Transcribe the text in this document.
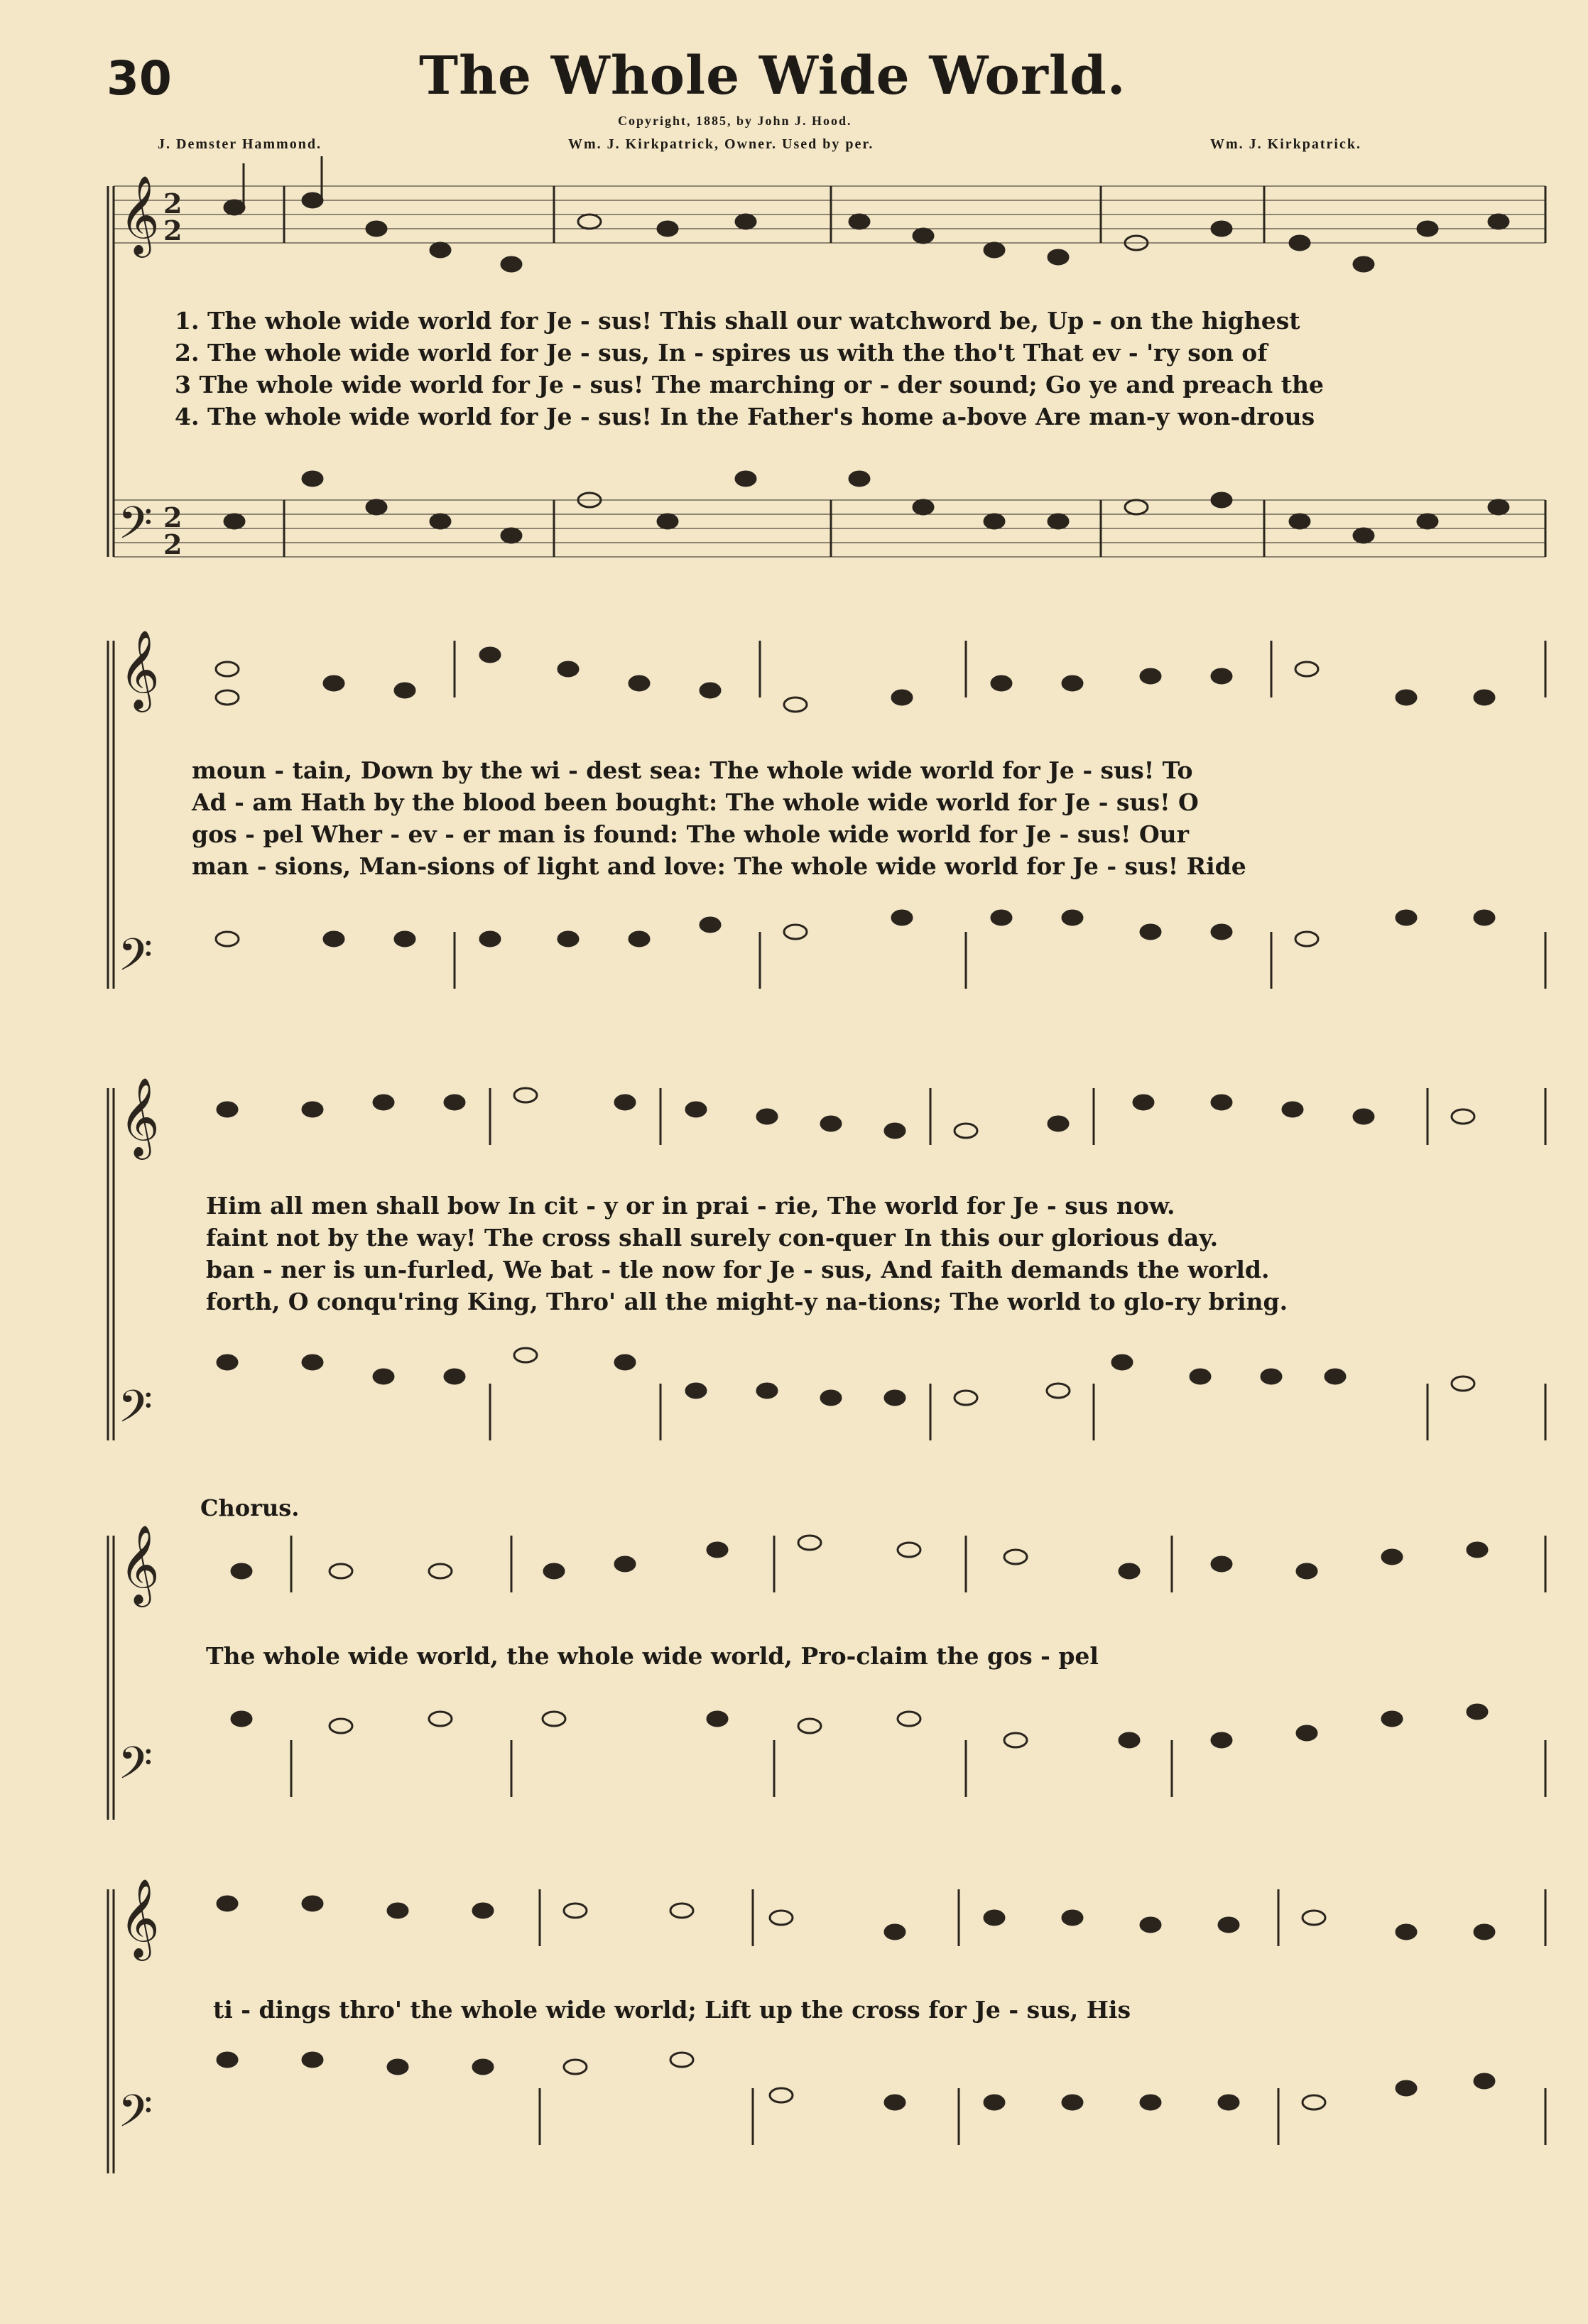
30	The Whole Wide World.
Copyright, 1885, by John J. Hood.
J. Demster Hammond.	Wm. J. Kirkpatrick, Owner. Used by per.	Wm. J. Kirkpatrick.
𝄞 2
2
𝄢 2
2
𝄞
𝄢
𝄞
𝄢
𝄞
𝄢
𝄞
𝄢
1. The whole wide world for Je - sus! This shall our watchword be, Up - on the highest
2. The whole wide world for Je - sus, In - spires us with the tho't That ev - 'ry son of
3 The whole wide world for Je - sus! The marching or - der sound; Go ye and preach the
4. The whole wide world for Je - sus! In the Father's home a-bove Are man-y won-drous
moun - tain, Down by the wi - dest sea: The whole wide world for Je - sus! To
Ad - am Hath by the blood been bought: The whole wide world for Je - sus! O
gos - pel Wher - ev - er man is found: The whole wide world for Je - sus! Our
man - sions, Man-sions of light and love: The whole wide world for Je - sus! Ride
Him all men shall bow In cit - y or in prai - rie, The world for Je - sus now.
faint not by the way! The cross shall surely con-quer In this our glorious day.
ban - ner is un-furled, We bat - tle now for Je - sus, And faith demands the world.
forth, O conqu'ring King, Thro' all the might-y na-tions; The world to glo-ry bring.
Chorus.
The whole wide world, the whole wide world, Pro-claim the gos - pel
ti - dings thro' the whole wide world; Lift up the cross for Je - sus, His
